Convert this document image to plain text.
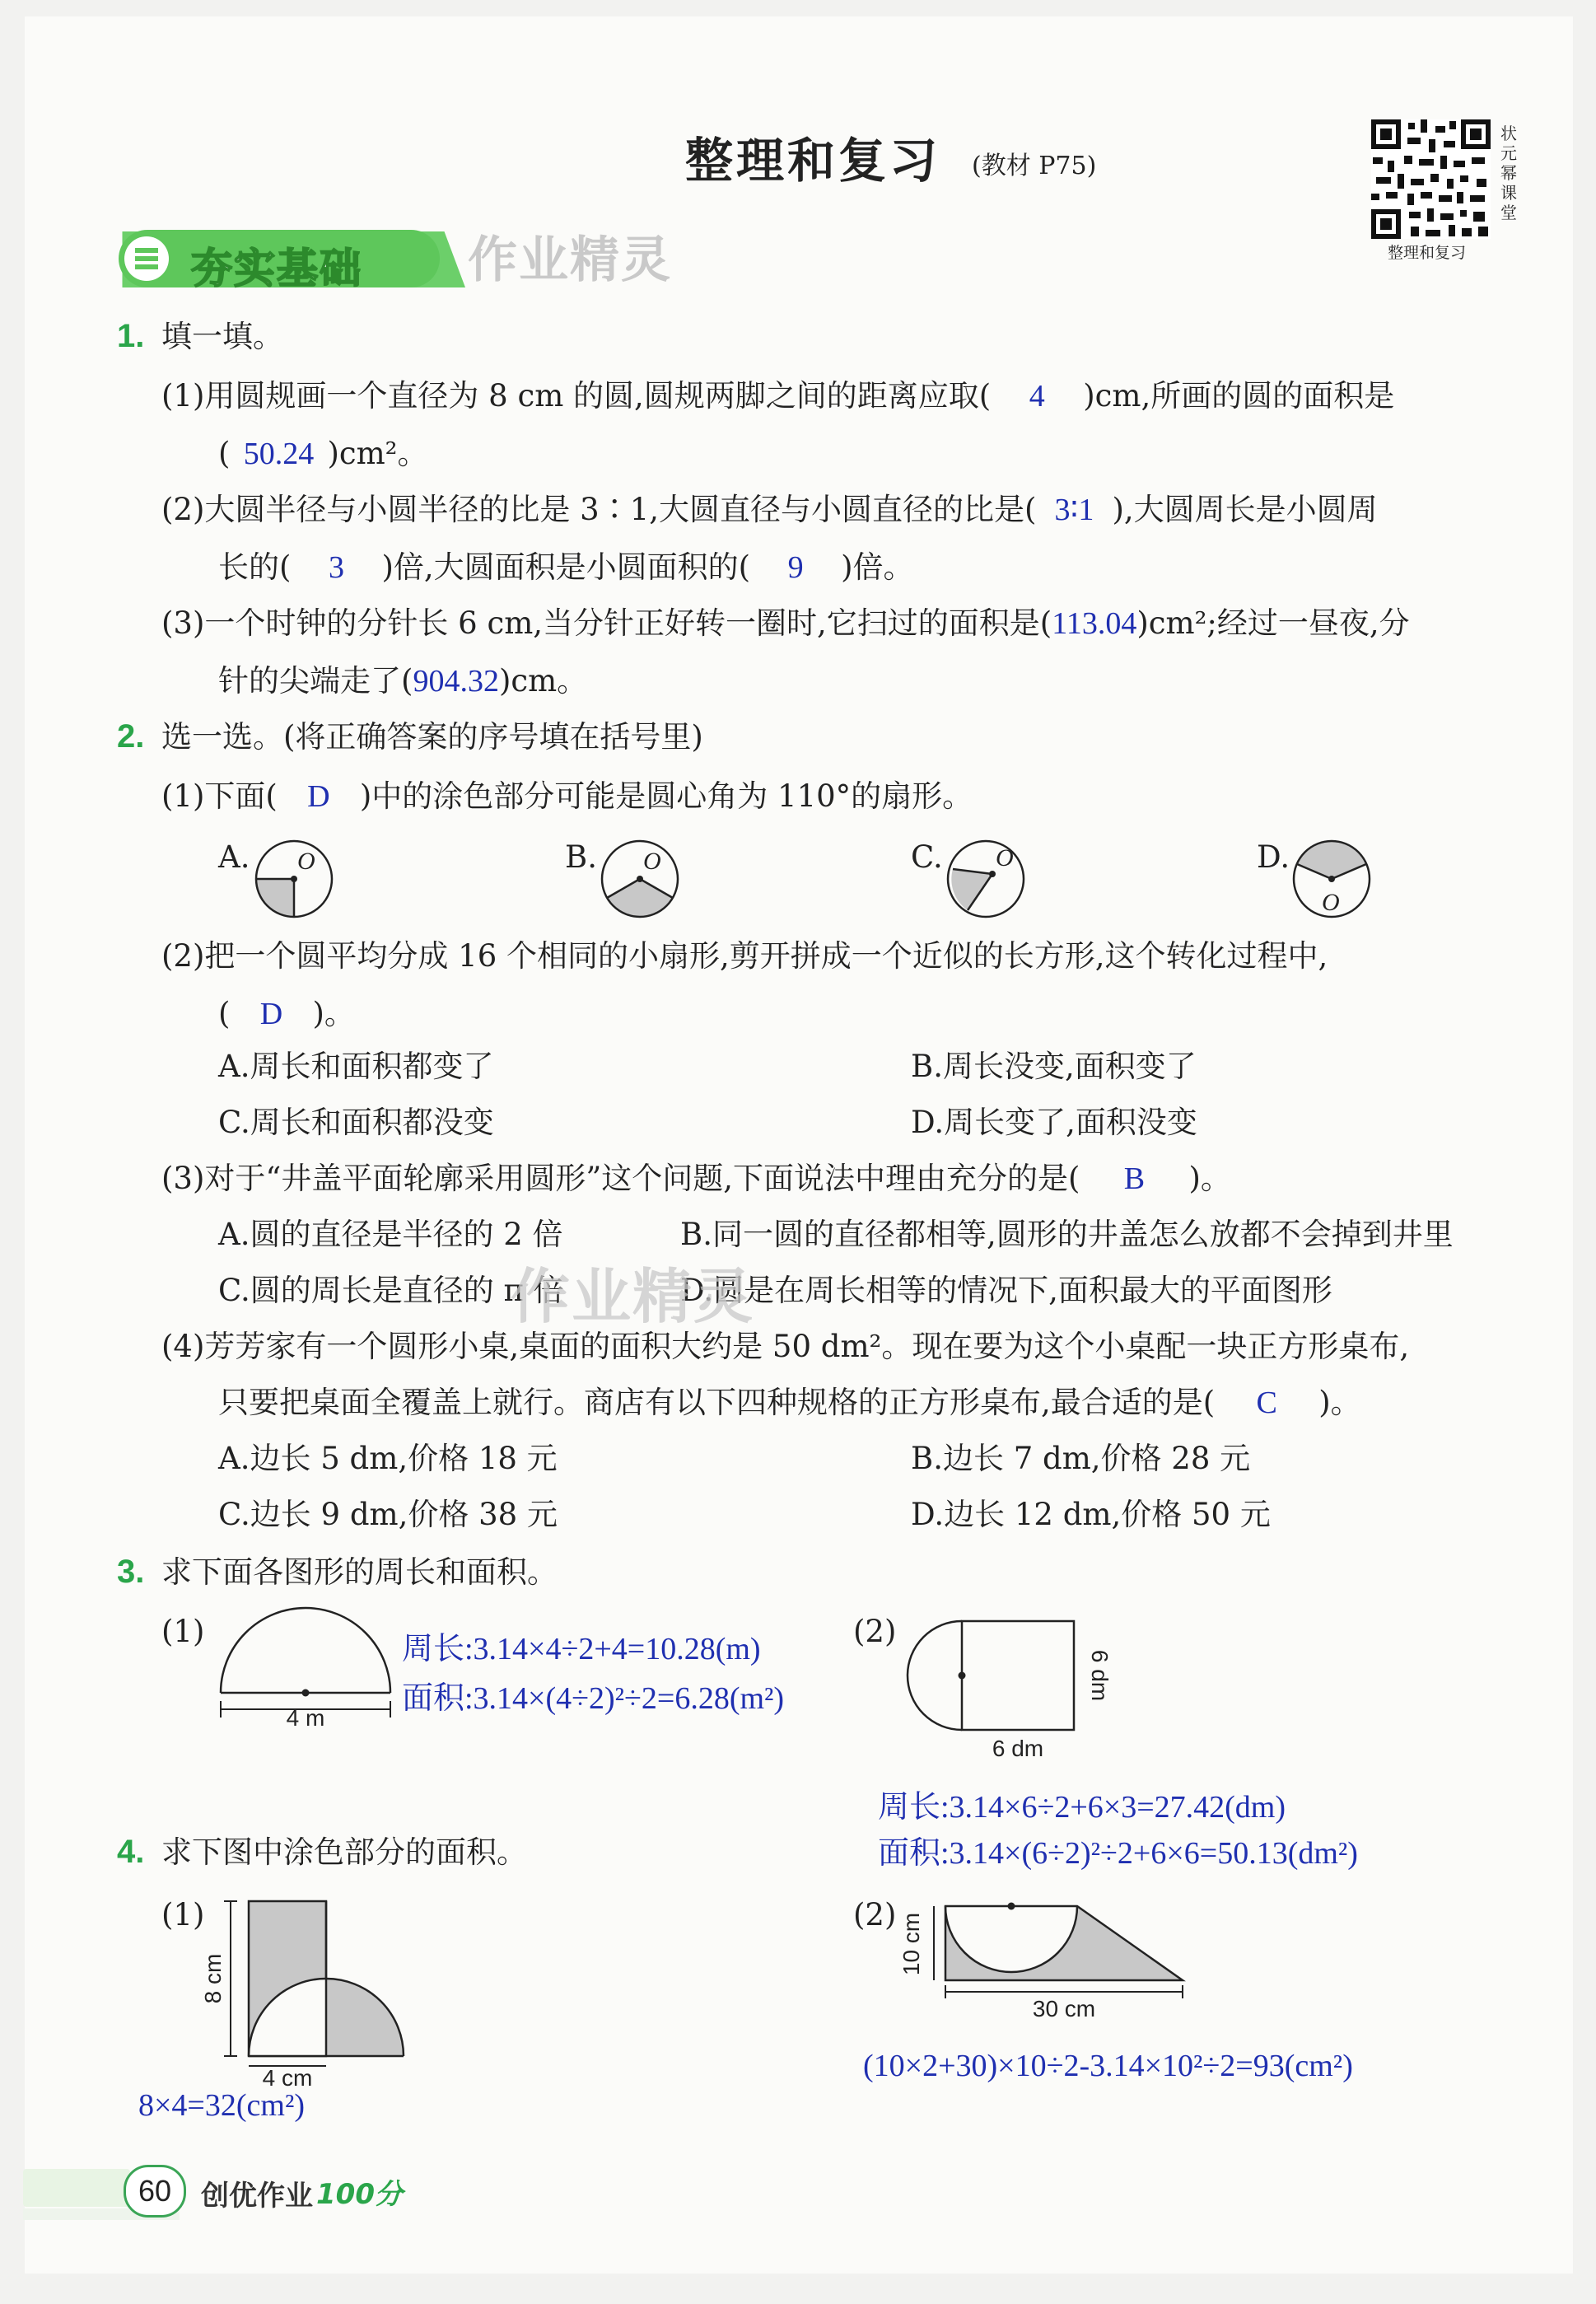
整理和复习 (教材 P75)
状元幂课堂
整理和复习
夯实基础 作业精灵
1. 填一填。
(1)用圆规画一个直径为 8 cm 的圆,圆规两脚之间的距离应取( 4 )cm,所画的圆的面积是
( 50.24 )cm²。
(2)大圆半径与小圆半径的比是 3∶1,大圆直径与小圆直径的比是( 3∶1 ),大圆周长是小圆周
长的( 3 )倍,大圆面积是小圆面积的( 9 )倍。
(3)一个时钟的分针长 6 cm,当分针正好转一圈时,它扫过的面积是(113.04)cm²;经过一昼夜,分
针的尖端走了(904.32)cm。
2. 选一选。(将正确答案的序号填在括号里)
(1)下面( D )中的涂色部分可能是圆心角为 110°的扇形。
A. O	B. O	C. O	D.
O
(2)把一个圆平均分成 16 个相同的小扇形,剪开拼成一个近似的长方形,这个转化过程中,
( D )。
A.周长和面积都变了	B.周长没变,面积变了
C.周长和面积都没变	D.周长变了,面积没变
(3)对于“井盖平面轮廓采用圆形”这个问题,下面说法中理由充分的是( B )。
A.圆的直径是半径的 2 倍	B.同一圆的直径都相等,圆形的井盖怎么放都不会掉到井里
C.圆的周长是直径的 π 倍	D.圆是在周长相等的情况下,面积最大的平面图形
作业精灵
(4)芳芳家有一个圆形小桌,桌面的面积大约是 50 dm²。现在要为这个小桌配一块正方形桌布,
只要把桌面全覆盖上就行。商店有以下四种规格的正方形桌布,最合适的是( C )。
A.边长 5 dm,价格 18 元	B.边长 7 dm,价格 28 元
C.边长 9 dm,价格 38 元	D.边长 12 dm,价格 50 元
3. 求下面各图形的周长和面积。
(1)
4 m
周长:3.14×4÷2+4=10.28(m)
面积:3.14×(4÷2)²÷2=6.28(m²)
(2)
6 dm
6 dm
周长:3.14×6÷2+6×3=27.42(dm)
面积:3.14×(6÷2)²÷2+6×6=50.13(dm²)
4. 求下图中涂色部分的面积。
(1)
8 cm
4 cm
8×4=32(cm²)
(2) 10 cm
30 cm
(10×2+30)×10÷2-3.14×10²÷2=93(cm²)
60	创优作业 100分
